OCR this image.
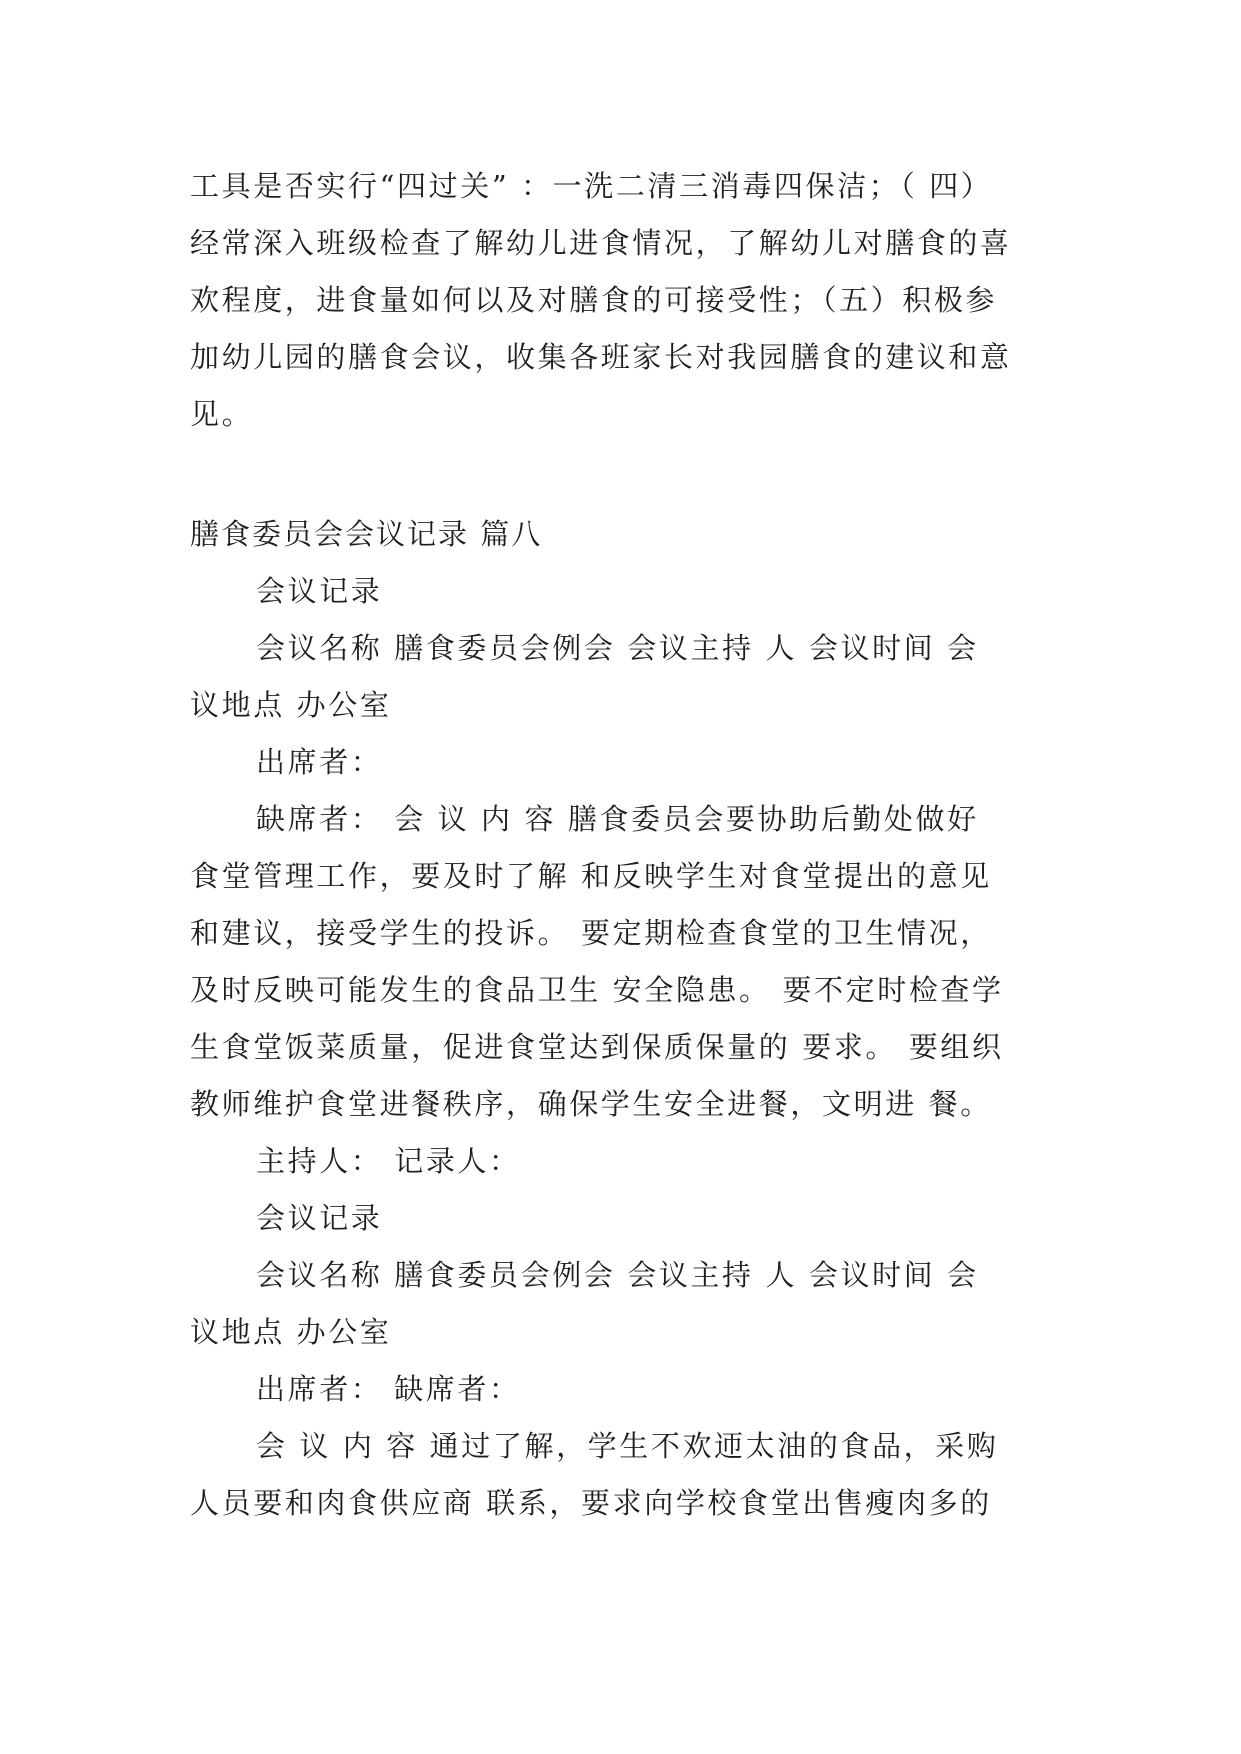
工具是否实行“四过关” ：一洗二清三消毒四保洁；（ 四）
经常深入班级检查了解幼儿进食情况，了解幼儿对膳食的喜
欢程度，进食量如何以及对膳食的可接受性；（五）积极参
加幼儿园的膳食会议，收集各班家长对我园膳食的建议和意
见。
膳食委员会会议记录 篇八
会议记录
会议名称 膳食委员会例会 会议主持 人 会议时间 会
议地点 办公室
出席者：
缺席者： 会 议 内 容 膳食委员会要协助后勤处做好
食堂管理工作，要及时了解 和反映学生对食堂提出的意见
和建议，接受学生的投诉。 要定期检查食堂的卫生情况，
及时反映可能发生的食品卫生 安全隐患。 要不定时检查学
生食堂饭菜质量，促进食堂达到保质保量的 要求。 要组织
教师维护食堂进餐秩序，确保学生安全进餐，文明进 餐。
主持人： 记录人：
会议记录
会议名称 膳食委员会例会 会议主持 人 会议时间 会
议地点 办公室
出席者： 缺席者：
会 议 内 容 通过了解，学生不欢迊太油的食品，采购
人员要和肉食供应商 联系，要求向学校食堂出售瘦肉多的
